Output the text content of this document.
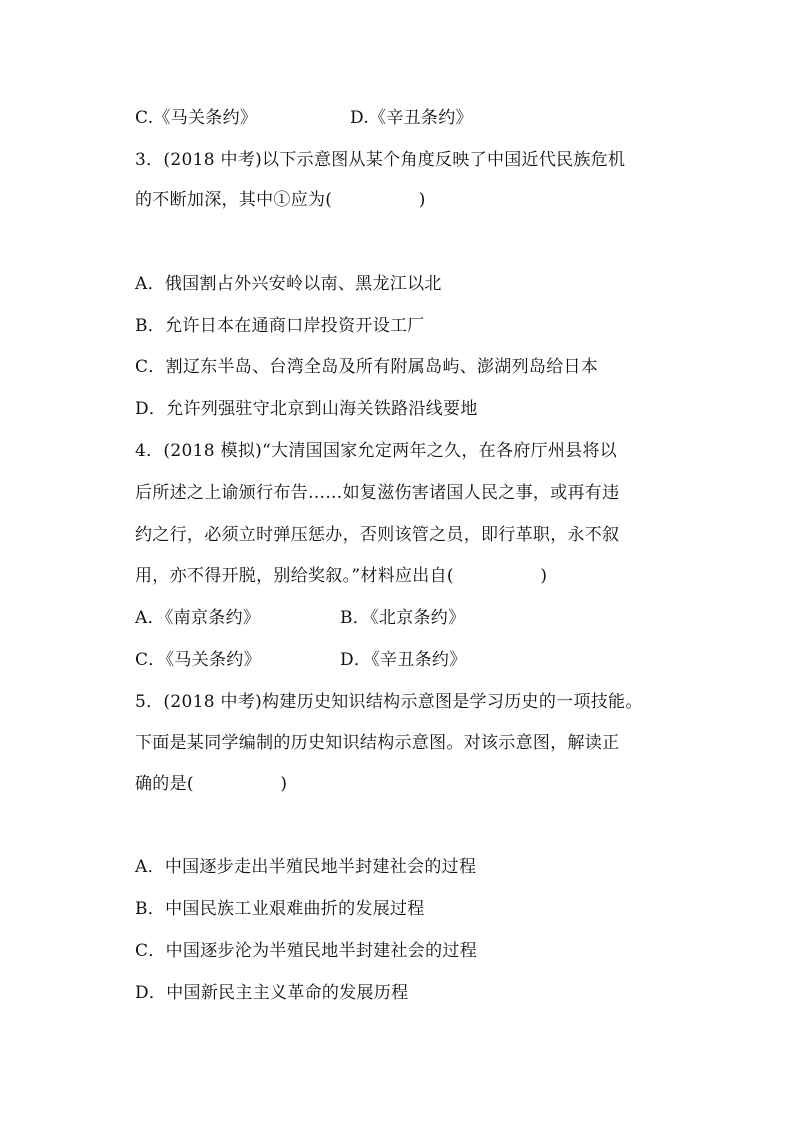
C.《马关条约》	D.《辛丑条约》
3．(2018 中考)以下示意图从某个角度反映了中国近代民族危机
的不断加深，其中①应为(　　　　　)
A．俄国割占外兴安岭以南、黑龙江以北
B．允许日本在通商口岸投资开设工厂
C．割辽东半岛、台湾全岛及所有附属岛屿、澎湖列岛给日本
D．允许列强驻守北京到山海关铁路沿线要地
4．(2018 模拟)“大清国国家允定两年之久，在各府厅州县将以
后所述之上谕颁行布告……如复滋伤害诸国人民之事，或再有违
约之行，必须立时弹压惩办，否则该管之员，即行革职，永不叙
用，亦不得开脱，别给奖叙。”材料应出自(　　　　　)
A．《南京条约》	B．《北京条约》
C．《马关条约》	D．《辛丑条约》
5．(2018 中考)构建历史知识结构示意图是学习历史的一项技能。
下面是某同学编制的历史知识结构示意图。对该示意图，解读正
确的是(　　　　　)
A．中国逐步走出半殖民地半封建社会的过程
B．中国民族工业艰难曲折的发展过程
C．中国逐步沦为半殖民地半封建社会的过程
D．中国新民主主义革命的发展历程
